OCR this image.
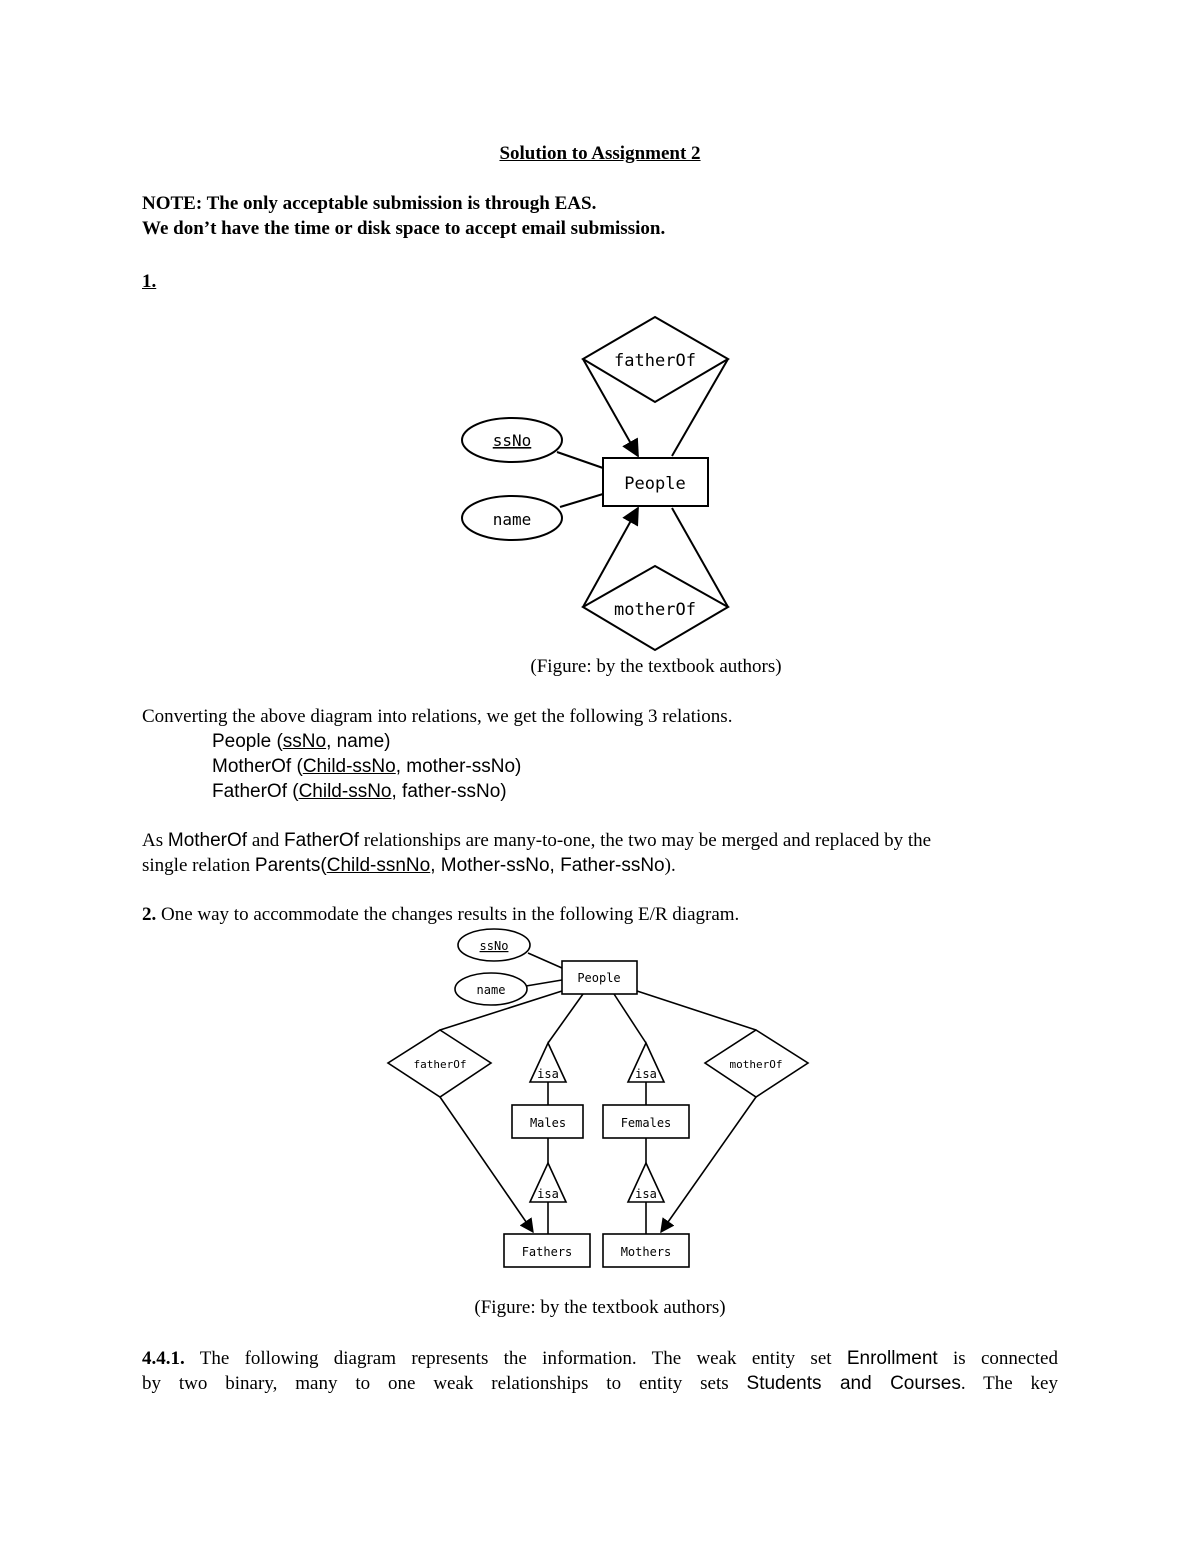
Solution to Assignment 2
NOTE: The only acceptable submission is through EAS.
We don’t have the time or disk space to accept email submission.
1.
fatherOf
People
ssNo
name
motherOf
(Figure: by the textbook authors)
Converting the above diagram into relations, we get the following 3 relations.
People (ssNo, name)
MotherOf (Child-ssNo, mother-ssNo)
FatherOf (Child-ssNo, father-ssNo)
As MotherOf and FatherOf relationships are many-to-one, the two may be merged and replaced by the
single relation Parents(Child-ssnNo, Mother-ssNo, Father-ssNo).
2. One way to accommodate the changes results in the following E/R diagram.
ssNo
name
People
fatherOf	motherOf
isa	isa
Males	Females
isa	isa
Fathers	Mothers
(Figure: by the textbook authors)
4.4.1. The following diagram represents the information. The weak entity set Enrollment is connected
by two binary, many to one weak relationships to entity sets Students and Courses. The key
